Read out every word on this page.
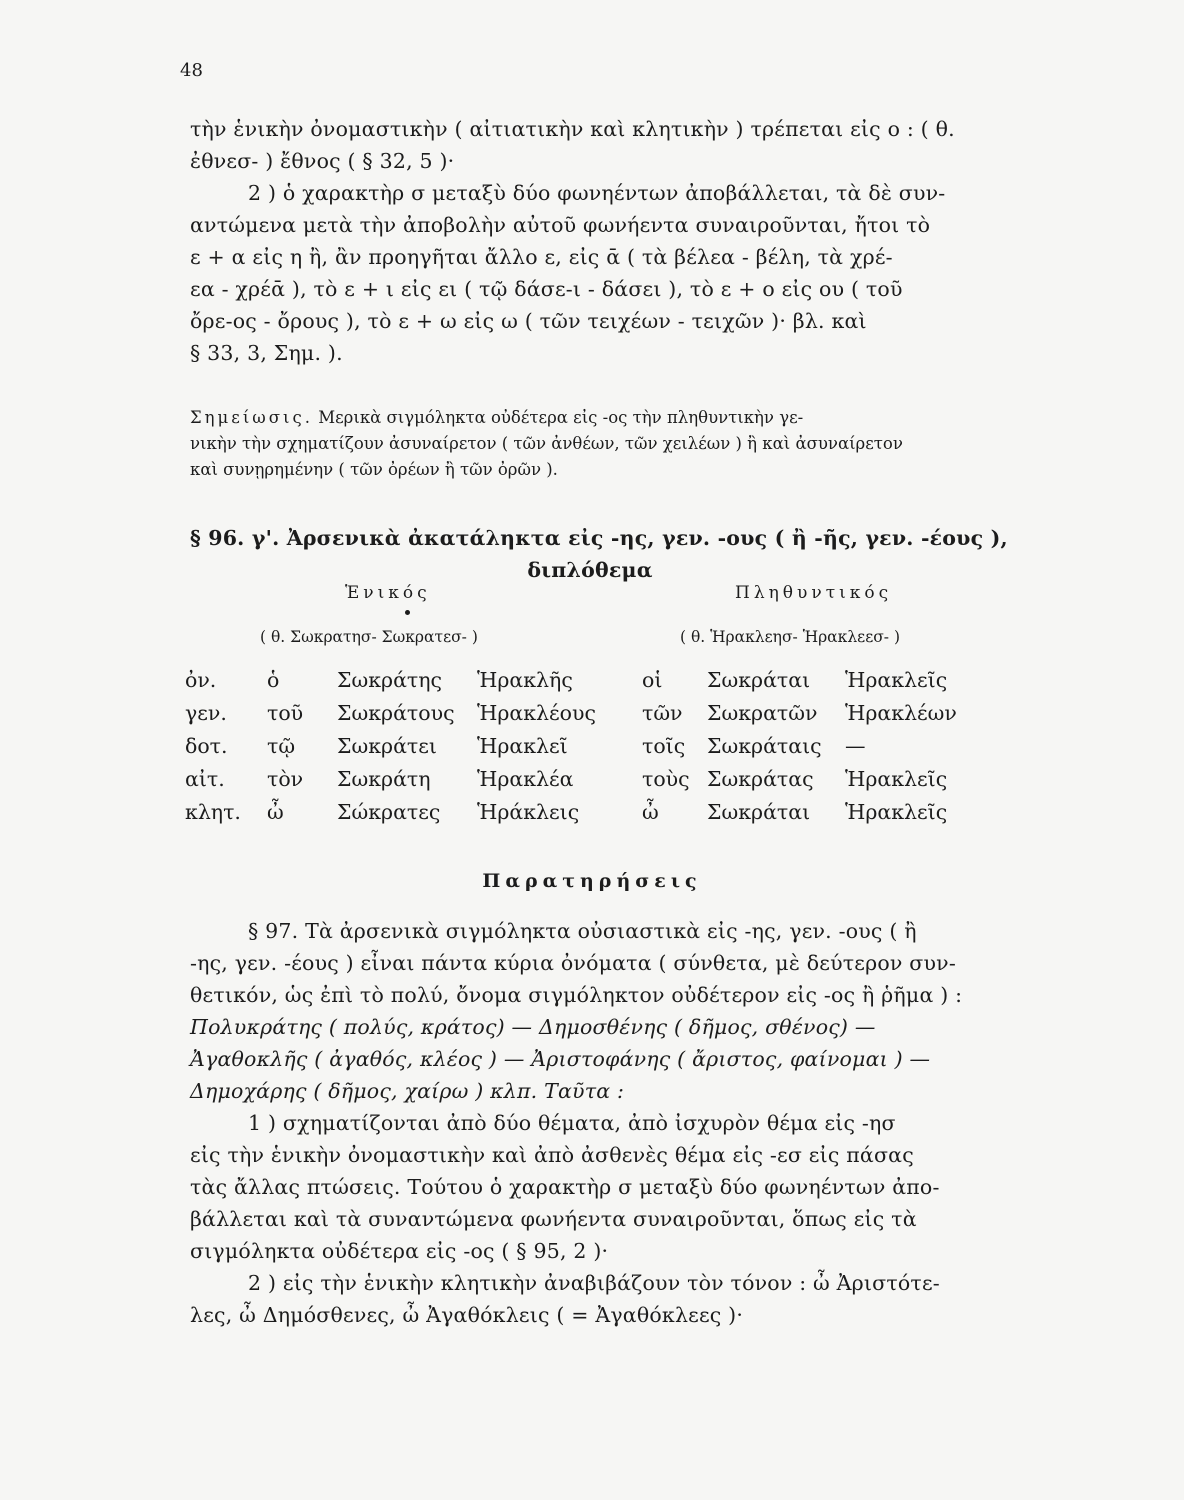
48
τὴν ἑνικὴν ὀνομαστικὴν ( αἰτιατικὴν καὶ κλητικὴν ) τρέπεται εἰς ο : ( θ.
ἐθνεσ- ) ἔθνος ( § 32, 5 )·
2 ) ὁ χαρακτὴρ σ μεταξὺ δύο φωνηέντων ἀποβάλλεται, τὰ δὲ συν-
αντώμενα μετὰ τὴν ἀποβολὴν αὐτοῦ φωνήεντα συναιροῦνται, ἤτοι τὸ
ε + α εἰς η ἢ, ἂν προηγῆται ἄλλο ε, εἰς ᾱ ( τὰ βέλεα - βέλη, τὰ χρέ-
εα - χρέᾱ ), τὸ ε + ι εἰς ει ( τῷ δάσε-ι - δάσει ), τὸ ε + ο εἰς ου ( τοῦ
ὄρε-ος - ὄρους ), τὸ ε + ω εἰς ω ( τῶν τειχέων - τειχῶν )· βλ. καὶ
§ 33, 3, Σημ. ).
Σημείωσις. Μερικὰ σιγμόληκτα οὐδέτερα εἰς -ος τὴν πληθυντικὴν γε-
νικὴν τὴν σχηματίζουν ἀσυναίρετον ( τῶν ἀνθέων, τῶν χειλέων ) ἢ καὶ ἀσυναίρετον
καὶ συνῃρημένην ( τῶν ὀρέων ἢ τῶν ὀρῶν ).
§ 96. γ'. Ἀρσενικὰ ἀκατάληκτα εἰς -ης, γεν. -ους ( ἢ -ῆς, γεν. -έους ),
διπλόθεμα
Ἑνικός	Πληθυντικός
( θ. Σωκρατησ- Σωκρατεσ- )	( θ. Ἡρακλεησ- Ἡρακλεεσ- )
ὀν.	ὁ	Σωκράτης	Ἡρακλῆς	οἱ	Σωκράται	Ἡρακλεῖς
γεν.	τοῦ	Σωκράτους	Ἡρακλέους	τῶν	Σωκρατῶν	Ἡρακλέων
δοτ.	τῷ	Σωκράτει	Ἡρακλεῖ	τοῖς	Σωκράταις	—
αἰτ.	τὸν	Σωκράτη	Ἡρακλέα	τοὺς	Σωκράτας	Ἡρακλεῖς
κλητ.	ὦ	Σώκρατες	Ἡράκλεις	ὦ	Σωκράται	Ἡρακλεῖς
Παρατηρήσεις
§ 97. Τὰ ἀρσενικὰ σιγμόληκτα οὐσιαστικὰ εἰς -ης, γεν. -ους ( ἢ
-ης, γεν. -έους ) εἶναι πάντα κύρια ὀνόματα ( σύνθετα, μὲ δεύτερον συν-
θετικόν, ὡς ἐπὶ τὸ πολύ, ὄνομα σιγμόληκτον οὐδέτερον εἰς -ος ἢ ῥῆμα ) :
Πολυκράτης ( πολύς, κράτος) — Δημοσθένης ( δῆμος, σθένος) —
Ἀγαθοκλῆς ( ἀγαθός, κλέος ) — Ἀριστοφάνης ( ἄριστος, φαίνομαι ) —
Δημοχάρης ( δῆμος, χαίρω ) κλπ. Ταῦτα :
1 ) σχηματίζονται ἀπὸ δύο θέματα, ἀπὸ ἰσχυρὸν θέμα εἰς -ησ
εἰς τὴν ἑνικὴν ὀνομαστικὴν καὶ ἀπὸ ἀσθενὲς θέμα εἰς -εσ εἰς πάσας
τὰς ἄλλας πτώσεις. Τούτου ὁ χαρακτὴρ σ μεταξὺ δύο φωνηέντων ἀπο-
βάλλεται καὶ τὰ συναντώμενα φωνήεντα συναιροῦνται, ὅπως εἰς τὰ
σιγμόληκτα οὐδέτερα εἰς -ος ( § 95, 2 )·
2 ) εἰς τὴν ἑνικὴν κλητικὴν ἀναβιβάζουν τὸν τόνον : ὦ Ἀριστότε-
λες, ὦ Δημόσθενες, ὦ Ἀγαθόκλεις ( = Ἀγαθόκλεες )·
